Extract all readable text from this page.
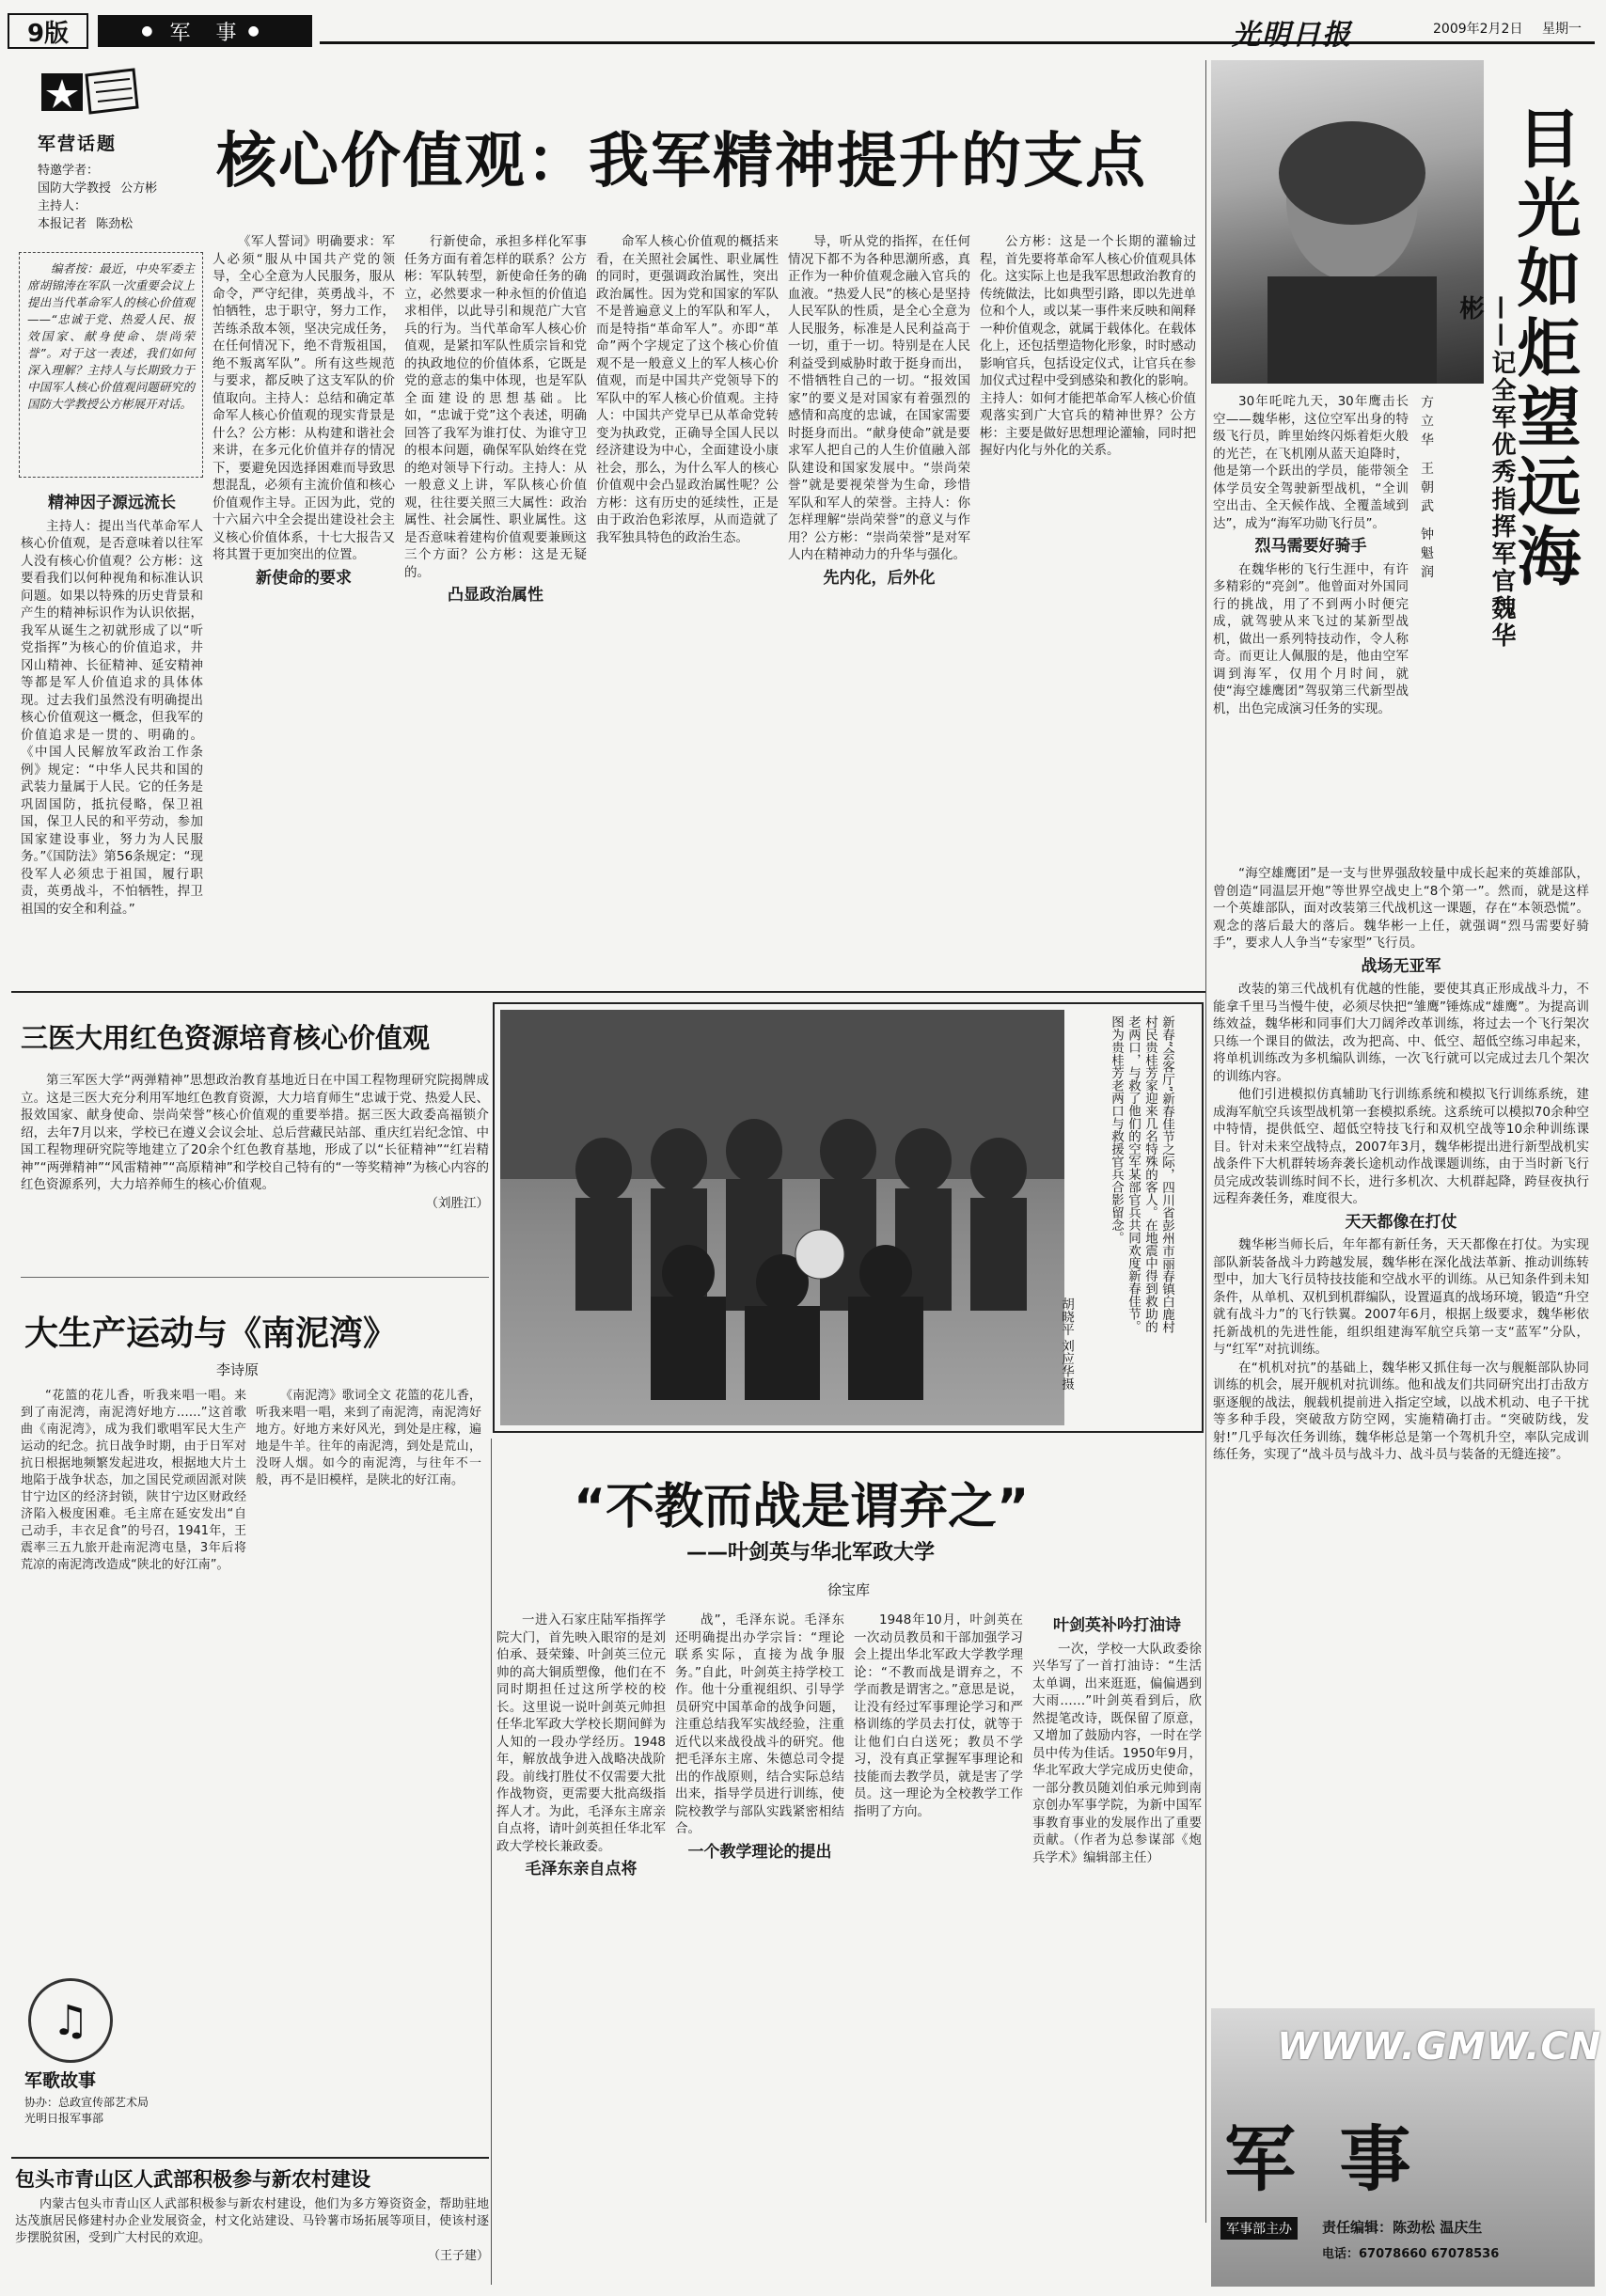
9版	● 军 事 ●	光明日报	2009年2月2日 星期一
军营话题
特邀学者：
国防大学教授 公方彬
主持人：
本报记者 陈劲松
核心价值观：我军精神提升的支点
编者按：最近，中央军委主席胡锦涛在军队一次重要会议上提出当代革命军人的核心价值观——“忠诚于党、热爱人民、报效国家、献身使命、崇尚荣誉”。对于这一表述，我们如何深入理解？主持人与长期致力于中国军人核心价值观问题研究的国防大学教授公方彬展开对话。
精神因子源远流长

主持人：提出当代革命军人核心价值观，是否意味着以往军人没有核心价值观？公方彬：这要看我们以何种视角和标准认识问题。如果以特殊的历史背景和产生的精神标识作为认识依据，我军从诞生之初就形成了以“听党指挥”为核心的价值追求，井冈山精神、长征精神、延安精神等都是军人价值追求的具体体现。过去我们虽然没有明确提出核心价值观这一概念，但我军的价值追求是一贯的、明确的。《中国人民解放军政治工作条例》规定：“中华人民共和国的武装力量属于人民。它的任务是巩固国防，抵抗侵略，保卫祖国，保卫人民的和平劳动，参加国家建设事业，努力为人民服务。”《国防法》第56条规定：“现役军人必须忠于祖国，履行职责，英勇战斗，不怕牺牲，捍卫祖国的安全和利益。”

《军人誓词》明确要求：军人必须“服从中国共产党的领导，全心全意为人民服务，服从命令，严守纪律，英勇战斗，不怕牺牲，忠于职守，努力工作，苦练杀敌本领，坚决完成任务，在任何情况下，绝不背叛祖国，绝不叛离军队”。所有这些规范与要求，都反映了这支军队的价值取向。主持人：总结和确定革命军人核心价值观的现实背景是什么？公方彬：从构建和谐社会来讲，在多元化价值并存的情况下，要避免因选择困难而导致思想混乱，必须有主流价值和核心价值观作主导。正因为此，党的十六届六中全会提出建设社会主义核心价值体系，十七大报告又将其置于更加突出的位置。

新使命的要求

行新使命，承担多样化军事任务方面有着怎样的联系？公方彬：军队转型，新使命任务的确立，必然要求一种永恒的价值追求相伴，以此导引和规范广大官兵的行为。当代革命军人核心价值观，是紧扣军队性质宗旨和党的执政地位的价值体系，它既是党的意志的集中体现，也是军队全面建设的思想基础。比如，“忠诚于党”这个表述，明确回答了我军为谁打仗、为谁守卫的根本问题，确保军队始终在党的绝对领导下行动。主持人：从一般意义上讲，军队核心价值观，往往要关照三大属性：政治属性、社会属性、职业属性。这是否意味着建构价值观要兼顾这三个方面？公方彬：这是无疑的。

凸显政治属性

命军人核心价值观的概括来看，在关照社会属性、职业属性的同时，更强调政治属性，突出政治属性。因为党和国家的军队不是普遍意义上的军队和军人，而是特指“革命军人”。亦即“革命”两个字规定了这个核心价值观不是一般意义上的军人核心价值观，而是中国共产党领导下的军队中的军人核心价值观。主持人：中国共产党早已从革命党转变为执政党，正确导全国人民以经济建设为中心，全面建设小康社会，那么，为什么军人的核心价值观中会凸显政治属性呢？公方彬：这有历史的延续性，正是由于政治色彩浓厚，从而造就了我军独具特色的政治生态。

导，听从党的指挥，在任何情况下都不为各种思潮所惑，真正作为一种价值观念融入官兵的血液。“热爱人民”的核心是坚持人民军队的性质，是全心全意为人民服务，标准是人民利益高于一切，重于一切。特别是在人民利益受到威胁时敢于挺身而出，不惜牺牲自己的一切。“报效国家”的要义是对国家有着强烈的感情和高度的忠诚，在国家需要时挺身而出。“献身使命”就是要求军人把自己的人生价值融入部队建设和国家发展中。“崇尚荣誉”就是要视荣誉为生命，珍惜军队和军人的荣誉。主持人：你怎样理解“崇尚荣誉”的意义与作用？公方彬：“崇尚荣誉”是对军人内在精神动力的升华与强化。

先内化，后外化

公方彬：这是一个长期的灌输过程，首先要将革命军人核心价值观具体化。这实际上也是我军思想政治教育的传统做法，比如典型引路，即以先进单位和个人，或以某一事件来反映和阐释一种价值观念，就属于载体化。在载体化上，还包括塑造物化形象，时时感动影响官兵，包括设定仪式，让官兵在参加仪式过程中受到感染和教化的影响。主持人：如何才能把革命军人核心价值观落实到广大官兵的精神世界？公方彬：主要是做好思想理论灌输，同时把握好内化与外化的关系。	目光如炬望远海
——记全军优秀指挥军官魏华彬
方立华 王朝武 钟魁润

30年吒咤九天，30年鹰击长空——魏华彬，这位空军出身的特级飞行员，眸里始终闪烁着炬火般的光芒，在飞机刚从蓝天迫降时，他是第一个跃出的学员，能带领全体学员安全驾驶新型战机，“全训空出击、全天候作战、全覆盖域到达”，成为“海军功勋飞行员”。

烈马需要好骑手

在魏华彬的飞行生涯中，有许多精彩的“亮剑”。他曾面对外国同行的挑战，用了不到两小时便完成，就驾驶从来飞过的某新型战机，做出一系列特技动作，令人称奇。而更让人佩服的是，他由空军调到海军，仅用个月时间，就使“海空雄鹰团”驾驭第三代新型战机，出色完成演习任务的实现。

“海空雄鹰团”是一支与世界强敌较量中成长起来的英雄部队，曾创造“同温层开炮”等世界空战史上“8个第一”。然而，就是这样一个英雄部队，面对改装第三代战机这一课题，存在“本领恐慌”。观念的落后最大的落后。魏华彬一上任，就强调“烈马需要好骑手”，要求人人争当“专家型”飞行员。

战场无亚军

改装的第三代战机有优越的性能，要使其真正形成战斗力，不能拿千里马当慢牛使，必须尽快把“雏鹰”锤炼成“雄鹰”。为提高训练效益，魏华彬和同事们大刀阔斧改革训练，将过去一个飞行架次只练一个课目的做法，改为把高、中、低空、超低空练习串起来，将单机训练改为多机编队训练，一次飞行就可以完成过去几个架次的训练内容。

他们引进模拟仿真辅助飞行训练系统和模拟飞行训练系统，建成海军航空兵该型战机第一套模拟系统。这系统可以模拟70余种空中特情，提供低空、超低空特技飞行和双机空战等10余种训练课目。针对未来空战特点，2007年3月，魏华彬提出进行新型战机实战条件下大机群转场奔袭长途机动作战课题训练，由于当时新飞行员完成改装训练时间不长，进行多机次、大机群起降，跨昼夜执行远程奔袭任务，难度很大。

天天都像在打仗

魏华彬当师长后，年年都有新任务，天天都像在打仗。为实现部队新装备战斗力跨越发展，魏华彬在深化战法革新、推动训练转型中，加大飞行员特技技能和空战水平的训练。从已知条件到未知条件，从单机、双机到机群编队，设置逼真的战场环境，锻造“升空就有战斗力”的飞行铁翼。2007年6月，根据上级要求，魏华彬依托新战机的先进性能，组织组建海军航空兵第一支“蓝军”分队，与“红军”对抗训练。

在“机机对抗”的基础上，魏华彬又抓住每一次与舰艇部队协同训练的机会，展开舰机对抗训练。他和战友们共同研究出打击敌方驱逐舰的战法，舰载机提前进入指定空域，以战术机动、电子干扰等多种手段，突破敌方防空网，实施精确打击。“突破防线，发射!”几乎每次任务训练，魏华彬总是第一个驾机升空，率队完成训练任务，实现了“战斗员与战斗力、战斗员与装备的无缝连接”。

WWW.GMW.CN
军 事
军事部主办	责任编辑：陈劲松 温庆生
电话：67078660 67078536
三医大用红色资源培育核心价值观

第三军医大学“两弹精神”思想政治教育基地近日在中国工程物理研究院揭牌成立。这是三医大充分利用军地红色教育资源，大力培育师生“忠诚于党、热爱人民、报效国家、献身使命、崇尚荣誉”核心价值观的重要举措。据三医大政委高福锁介绍，去年7月以来，学校已在遵义会议会址、总后营藏民站部、重庆红岩纪念馆、中国工程物理研究院等地建立了20余个红色教育基地，形成了以“长征精神”“红岩精神”“两弹精神”“风雷精神”“高原精神”和学校自己特有的“一等奖精神”为核心内容的红色资源系列，大力培养师生的核心价值观。

（刘胜江）	新春“会客厅”新春佳节之际，四川省彭州市丽春镇白鹿村村民贵桂芳家迎来几名特殊的客人。在地震中得到救助的老两口，与救了他们的空军某部官兵共同欢度新春佳节。图为贵桂芳老两口与救援官兵合影留念。
胡晓平 刘应华摄
大生产运动与《南泥湾》
李诗原

“花篮的花儿香，听我来唱一唱。来到了南泥湾，南泥湾好地方……”这首歌曲《南泥湾》，成为我们歌唱军民大生产运动的纪念。抗日战争时期，由于日军对抗日根据地频繁发起进攻，根据地大片土地陷于战争状态，加之国民党顽固派对陕甘宁边区的经济封锁，陕甘宁边区财政经济陷入极度困难。毛主席在延安发出“自己动手，丰衣足食”的号召，1941年，王震率三五九旅开赴南泥湾屯垦，3年后将荒凉的南泥湾改造成“陕北的好江南”。

《南泥湾》歌词全文 花篮的花儿香，听我来唱一唱，来到了南泥湾，南泥湾好地方。好地方来好风光，到处是庄稼，遍地是牛羊。往年的南泥湾，到处是荒山，没呀人烟。如今的南泥湾，与往年不一般，再不是旧模样，是陕北的好江南。

♫
军歌故事
协办：总政宣传部艺术局 光明日报军事部
包头市青山区人武部积极参与新农村建设

内蒙古包头市青山区人武部积极参与新农村建设，他们为多方筹资资金，帮助驻地达茂旗居民修建村办企业发展资金，村文化站建设、马铃薯市场拓展等项目，使该村逐步摆脱贫困，受到广大村民的欢迎。

（王子建）
“不教而战是谓弃之”
——叶剑英与华北军政大学
徐宝库

一进入石家庄陆军指挥学院大门，首先映入眼帘的是刘伯承、聂荣臻、叶剑英三位元帅的高大铜质塑像，他们在不同时期担任过这所学校的校长。这里说一说叶剑英元帅担任华北军政大学校长期间鲜为人知的一段办学经历。1948年，解放战争进入战略决战阶段。前线打胜仗不仅需要大批作战物资，更需要大批高级指挥人才。为此，毛泽东主席亲自点将，请叶剑英担任华北军政大学校长兼政委。

毛泽东亲自点将

战”，毛泽东说。毛泽东还明确提出办学宗旨：“理论联系实际，直接为战争服务。”自此，叶剑英主持学校工作。他十分重视组织、引导学员研究中国革命的战争问题，注重总结我军实战经验，注重近代以来战役战斗的研究。他把毛泽东主席、朱德总司令提出的作战原则，结合实际总结出来，指导学员进行训练，使院校教学与部队实践紧密相结合。

一个教学理论的提出

1948年10月，叶剑英在一次动员教员和干部加强学习会上提出华北军政大学教学理论：“不教而战是谓弃之，不学而教是谓害之。”意思是说，让没有经过军事理论学习和严格训练的学员去打仗，就等于让他们白白送死；教员不学习，没有真正掌握军事理论和技能而去教学员，就是害了学员。这一理论为全校教学工作指明了方向。

叶剑英补吟打油诗

一次，学校一大队政委徐兴华写了一首打油诗：“生活太单调，出来逛逛，偏偏遇到大雨……”叶剑英看到后，欣然提笔改诗，既保留了原意，又增加了鼓励内容，一时在学员中传为佳话。1950年9月，华北军政大学完成历史使命，一部分教员随刘伯承元帅到南京创办军事学院，为新中国军事教育事业的发展作出了重要贡献。（作者为总参谋部《炮兵学术》编辑部主任）
